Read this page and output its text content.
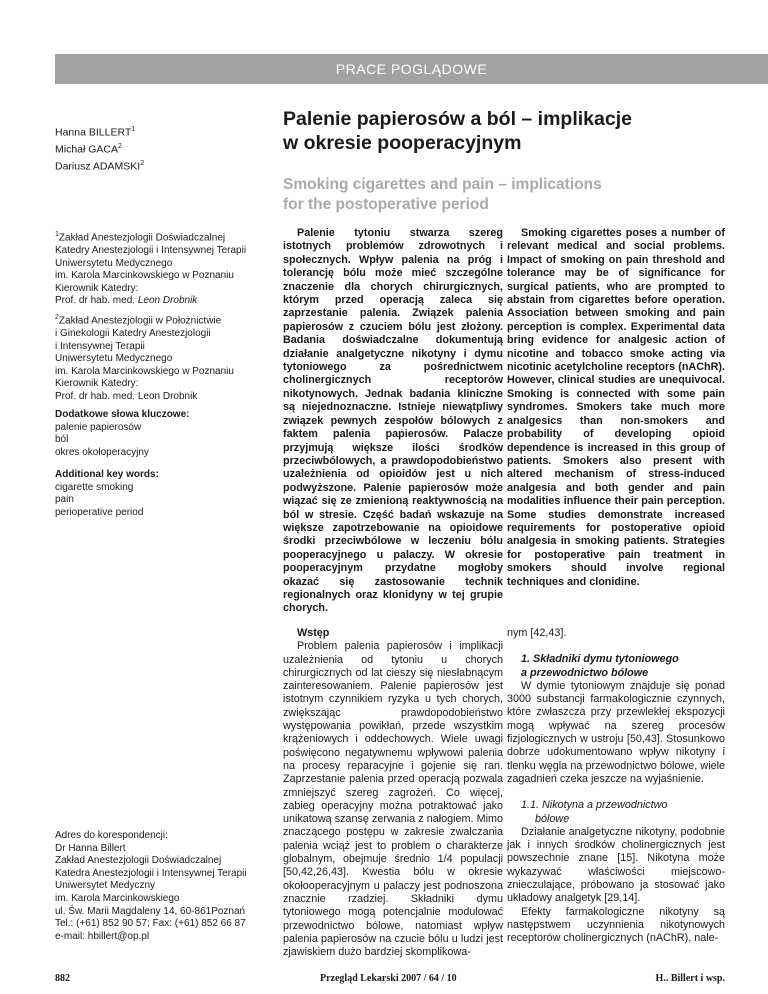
PRACE POGLĄDOWE
Hanna BILLERT$^1$
Michał GACA$^2$
Dariusz ADAMSKI$^2$
Palenie papierosów a ból – implikacje
w okresie pooperacyjnym
Smoking cigarettes and pain – implications
for the postoperative period

$^1$Zakład Anestezjologii Doświadczalnej

Katedry Anestezjologii i Intensywnej Terapii

Uniwersytetu Medycznego

im. Karola Marcinkowskiego w Poznaniu

Kierownik Katedry:

Prof. dr hab. med. Leon Drobnik

$^2$Zakład Anestezjologii w Położnictwie

i Ginekologii Katedry Anestezjologii

i Intensywnej Terapii

Uniwersytetu Medycznego

im. Karola Marcinkowskiego w Poznaniu

Kierownik Katedry:

Prof. dr hab. med. Leon Drobnik

Dodatkowe słowa kluczowe:

palenie papierosów

ból

okres okołoperacyjny

Additional key words:

cigarette smoking

pain

perioperative period

Adres do korespondencji:

Dr Hanna Billert

Zakład Anestezjologii Doświadczalnej

Katedra Anestezjologii i Intensywnej Terapii

Uniwersytet Medyczny

im. Karola Marcinkowskiego

ul. Św. Marii Magdaleny 14, 60-861Poznań

Tel.: (+61) 852 90 57; Fax: (+61) 852 66 87

e-mail: hbillert@op.pl

Palenie tytoniu stwarza szereg istotnych problemów zdrowotnych i społecznych. Wpływ palenia na próg i tolerancję bólu może mieć szczególne znaczenie dla chorych chirurgicznych, którym przed operacją zaleca się zaprzestanie palenia. Związek palenia papierosów z czuciem bólu jest złożony. Badania doświadczalne dokumentują działanie analgetyczne nikotyny i dymu tytoniowego za pośrednictwem cholinergicznych receptorów nikotynowych. Jednak badania kliniczne są niejednoznaczne. Istnieje niewątpliwy związek pewnych zespołów bólowych z faktem palenia papierosów. Palacze przyjmują większe ilości środków przeciwbólowych, a prawdopodobieństwo uzależnienia od opioidów jest u nich podwyższone. Palenie papierosów może wiązać się ze zmienioną reaktywnością na ból w stresie. Część badań wskazuje na większe zapotrzebowanie na opioidowe środki przeciwbólowe w leczeniu bólu pooperacyjnego u palaczy. W okresie pooperacyjnym przydatne mogłoby okazać się zastosowanie technik regionalnych oraz klonidyny w tej grupie chorych.

Smoking cigarettes poses a number of relevant medical and social problems. Impact of smoking on pain threshold and tolerance may be of significance for surgical patients, who are prompted to abstain from cigarettes before operation. Association between smoking and pain perception is complex. Experimental data bring evidence for analgesic action of nicotine and tobacco smoke acting via nicotinic acetylcholine receptors (nAChR). However, clinical studies are unequivocal. Smoking is connected with some pain syndromes. Smokers take much more analgesics than non-smokers and probability of developing opioid dependence is increased in this group of patients. Smokers also present with altered mechanism of stress-induced analgesia and both gender and pain modalities influence their pain perception. Some studies demonstrate increased requirements for postoperative opioid analgesia in smoking patients. Strategies for postoperative pain treatment in smokers should involve regional techniques and clonidine.

Wstęp

Problem palenia papierosów i implikacji uzależnienia od tytoniu u chorych chirurgicznych od lat cieszy się niesłabnącym zainteresowaniem. Palenie papierosów jest istotnym czynnikiem ryzyka u tych chorych, zwiększając prawdopodobieństwo występowania powikłań, przede wszystkim krążeniowych i oddechowych. Wiele uwagi poświęcono negatywnemu wpływowi palenia na procesy reparacyjne i gojenie się ran. Zaprzestanie palenia przed operacją pozwala zmniejszyć szereg zagrożeń. Co więcej, zabieg operacyjny można potraktować jako unikatową szansę zerwania z nałogiem. Mimo znaczącego postępu w zakresie zwalczania palenia wciąż jest to problem o charakterze globalnym, obejmuje średnio 1/4 populacji [50,42,26,43]. Kwestia bólu w okresie okołooperacyjnym u palaczy jest podnoszona znacznie rzadziej. Składniki dymu tytoniowego mogą potencjalnie modulować przewodnictwo bólowe, natomiast wpływ palenia papierosów na czucie bólu u ludzi jest zjawiskiem dużo bardziej skomplikowa-

nym [42,43].

1. Składniki dymu tytoniowego
a przewodnictwo bólowe

W dymie tytoniowym znajduje się ponad 3000 substancji farmakologicznie czynnych, które zwłaszcza przy przewlekłej ekspozycji mogą wpływać na szereg procesów fizjologicznych w ustroju [50,43]. Stosunkowo dobrze udokumentowano wpływ nikotyny i tlenku węgla na przewodnictwo bólowe, wiele zagadnień czeka jeszcze na wyjaśnienie.

1.1. Nikotyna a przewodnictwo
bólowe

Działanie analgetyczne nikotyny, podobnie jak i innych środków cholinergicznych jest powszechnie znane [15]. Nikotyna może wykazywać właściwości miejscowo-znieczulające, próbowano ja stosować jako układowy analgetyk [29,14].

Efekty farmakologiczne nikotyny są następstwem uczynnienia nikotynowych receptorów cholinergicznych (nAChR), nale-

882	Przegląd Lekarski 2007 / 64 / 10	H.. Billert i wsp.
